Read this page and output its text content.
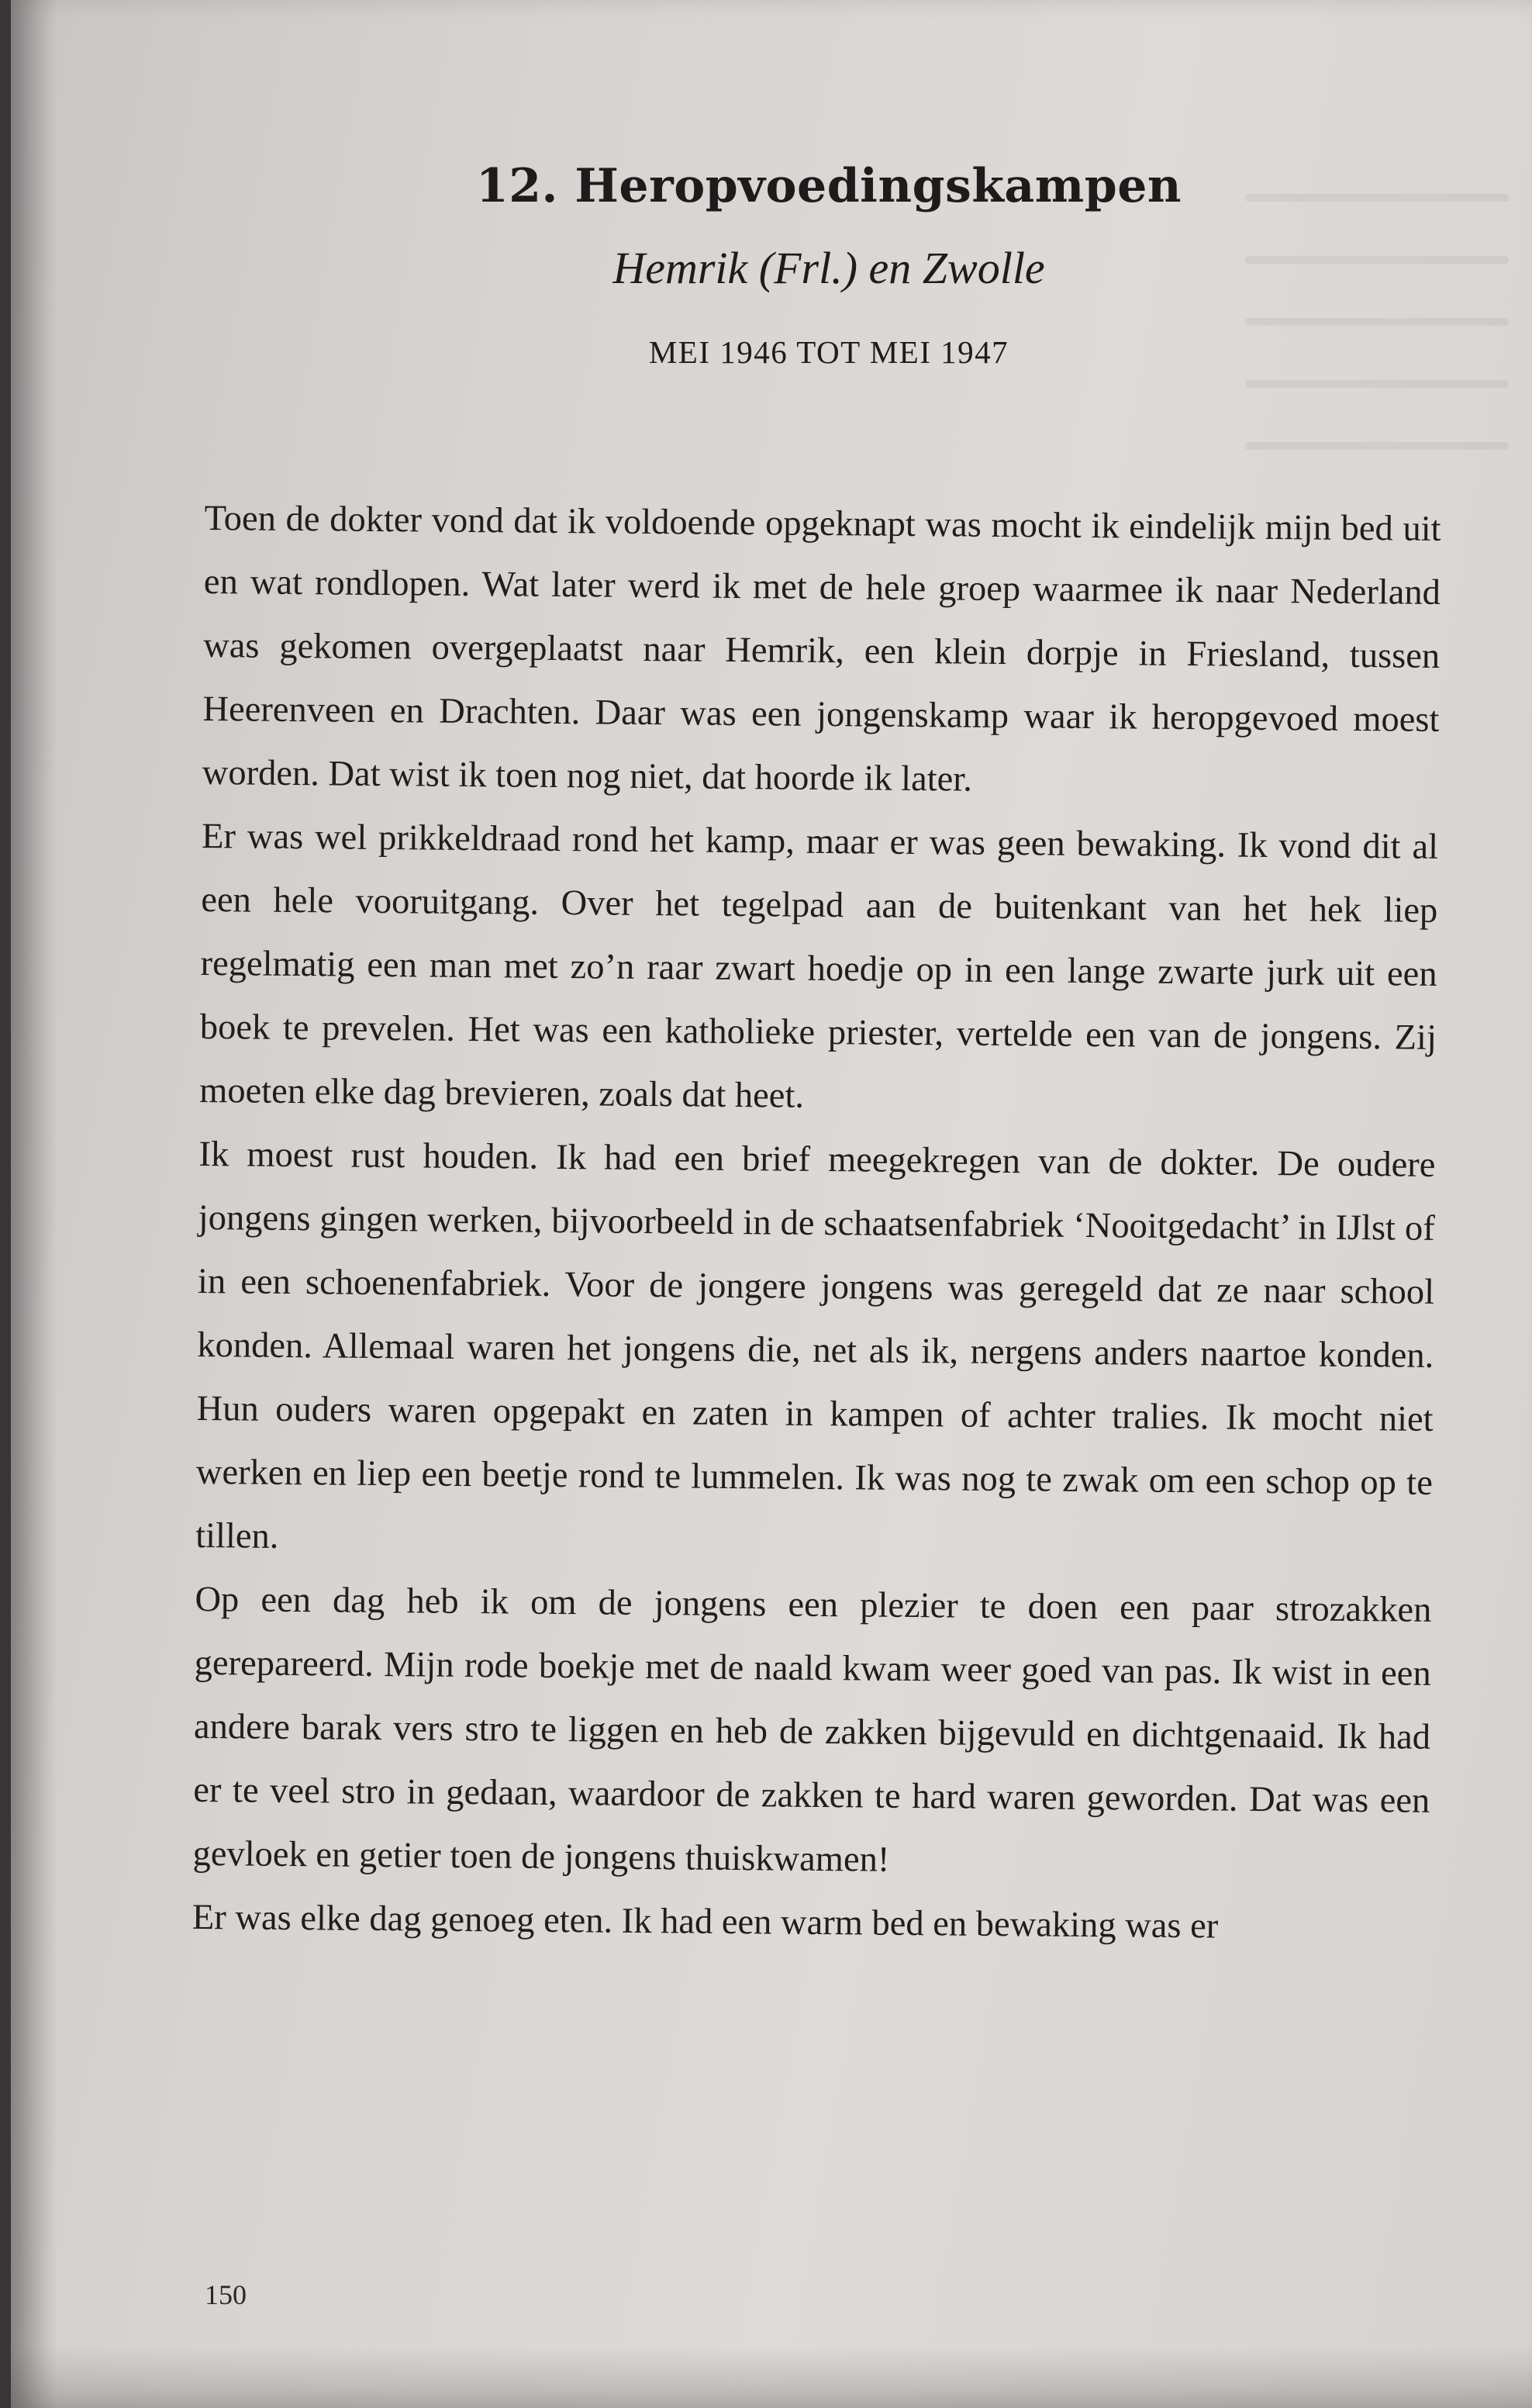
12. Heropvoedingskampen
Hemrik (Frl.) en Zwolle
MEI 1946 TOT MEI 1947

Toen de dokter vond dat ik voldoende opgeknapt was mocht ik eindelijk mijn bed uit en wat rondlopen. Wat later werd ik met de hele groep waarmee ik naar Nederland was gekomen overgeplaatst naar Hemrik, een klein dorpje in Friesland, tussen Heerenveen en Drachten. Daar was een jongenskamp waar ik heropgevoed moest worden. Dat wist ik toen nog niet, dat hoorde ik later.

Er was wel prikkeldraad rond het kamp, maar er was geen bewaking. Ik vond dit al een hele vooruitgang. Over het tegelpad aan de buitenkant van het hek liep regelmatig een man met zo’n raar zwart hoedje op in een lange zwarte jurk uit een boek te prevelen. Het was een katholieke priester, vertelde een van de jongens. Zij moeten elke dag brevieren, zoals dat heet.

Ik moest rust houden. Ik had een brief meegekregen van de dokter. De oudere jongens gingen werken, bijvoorbeeld in de schaatsenfabriek ‘Nooitgedacht’ in IJlst of in een schoenenfabriek. Voor de jongere jongens was geregeld dat ze naar school konden. Allemaal waren het jongens die, net als ik, nergens anders naartoe konden. Hun ouders waren opgepakt en zaten in kampen of achter tralies. Ik mocht niet werken en liep een beetje rond te lummelen. Ik was nog te zwak om een schop op te tillen.

Op een dag heb ik om de jongens een plezier te doen een paar strozakken gerepareerd. Mijn rode boekje met de naald kwam weer goed van pas. Ik wist in een andere barak vers stro te liggen en heb de zakken bijgevuld en dichtgenaaid. Ik had er te veel stro in gedaan, waardoor de zakken te hard waren geworden. Dat was een gevloek en getier toen de jongens thuiskwamen!

Er was elke dag genoeg eten. Ik had een warm bed en bewaking was er

150
